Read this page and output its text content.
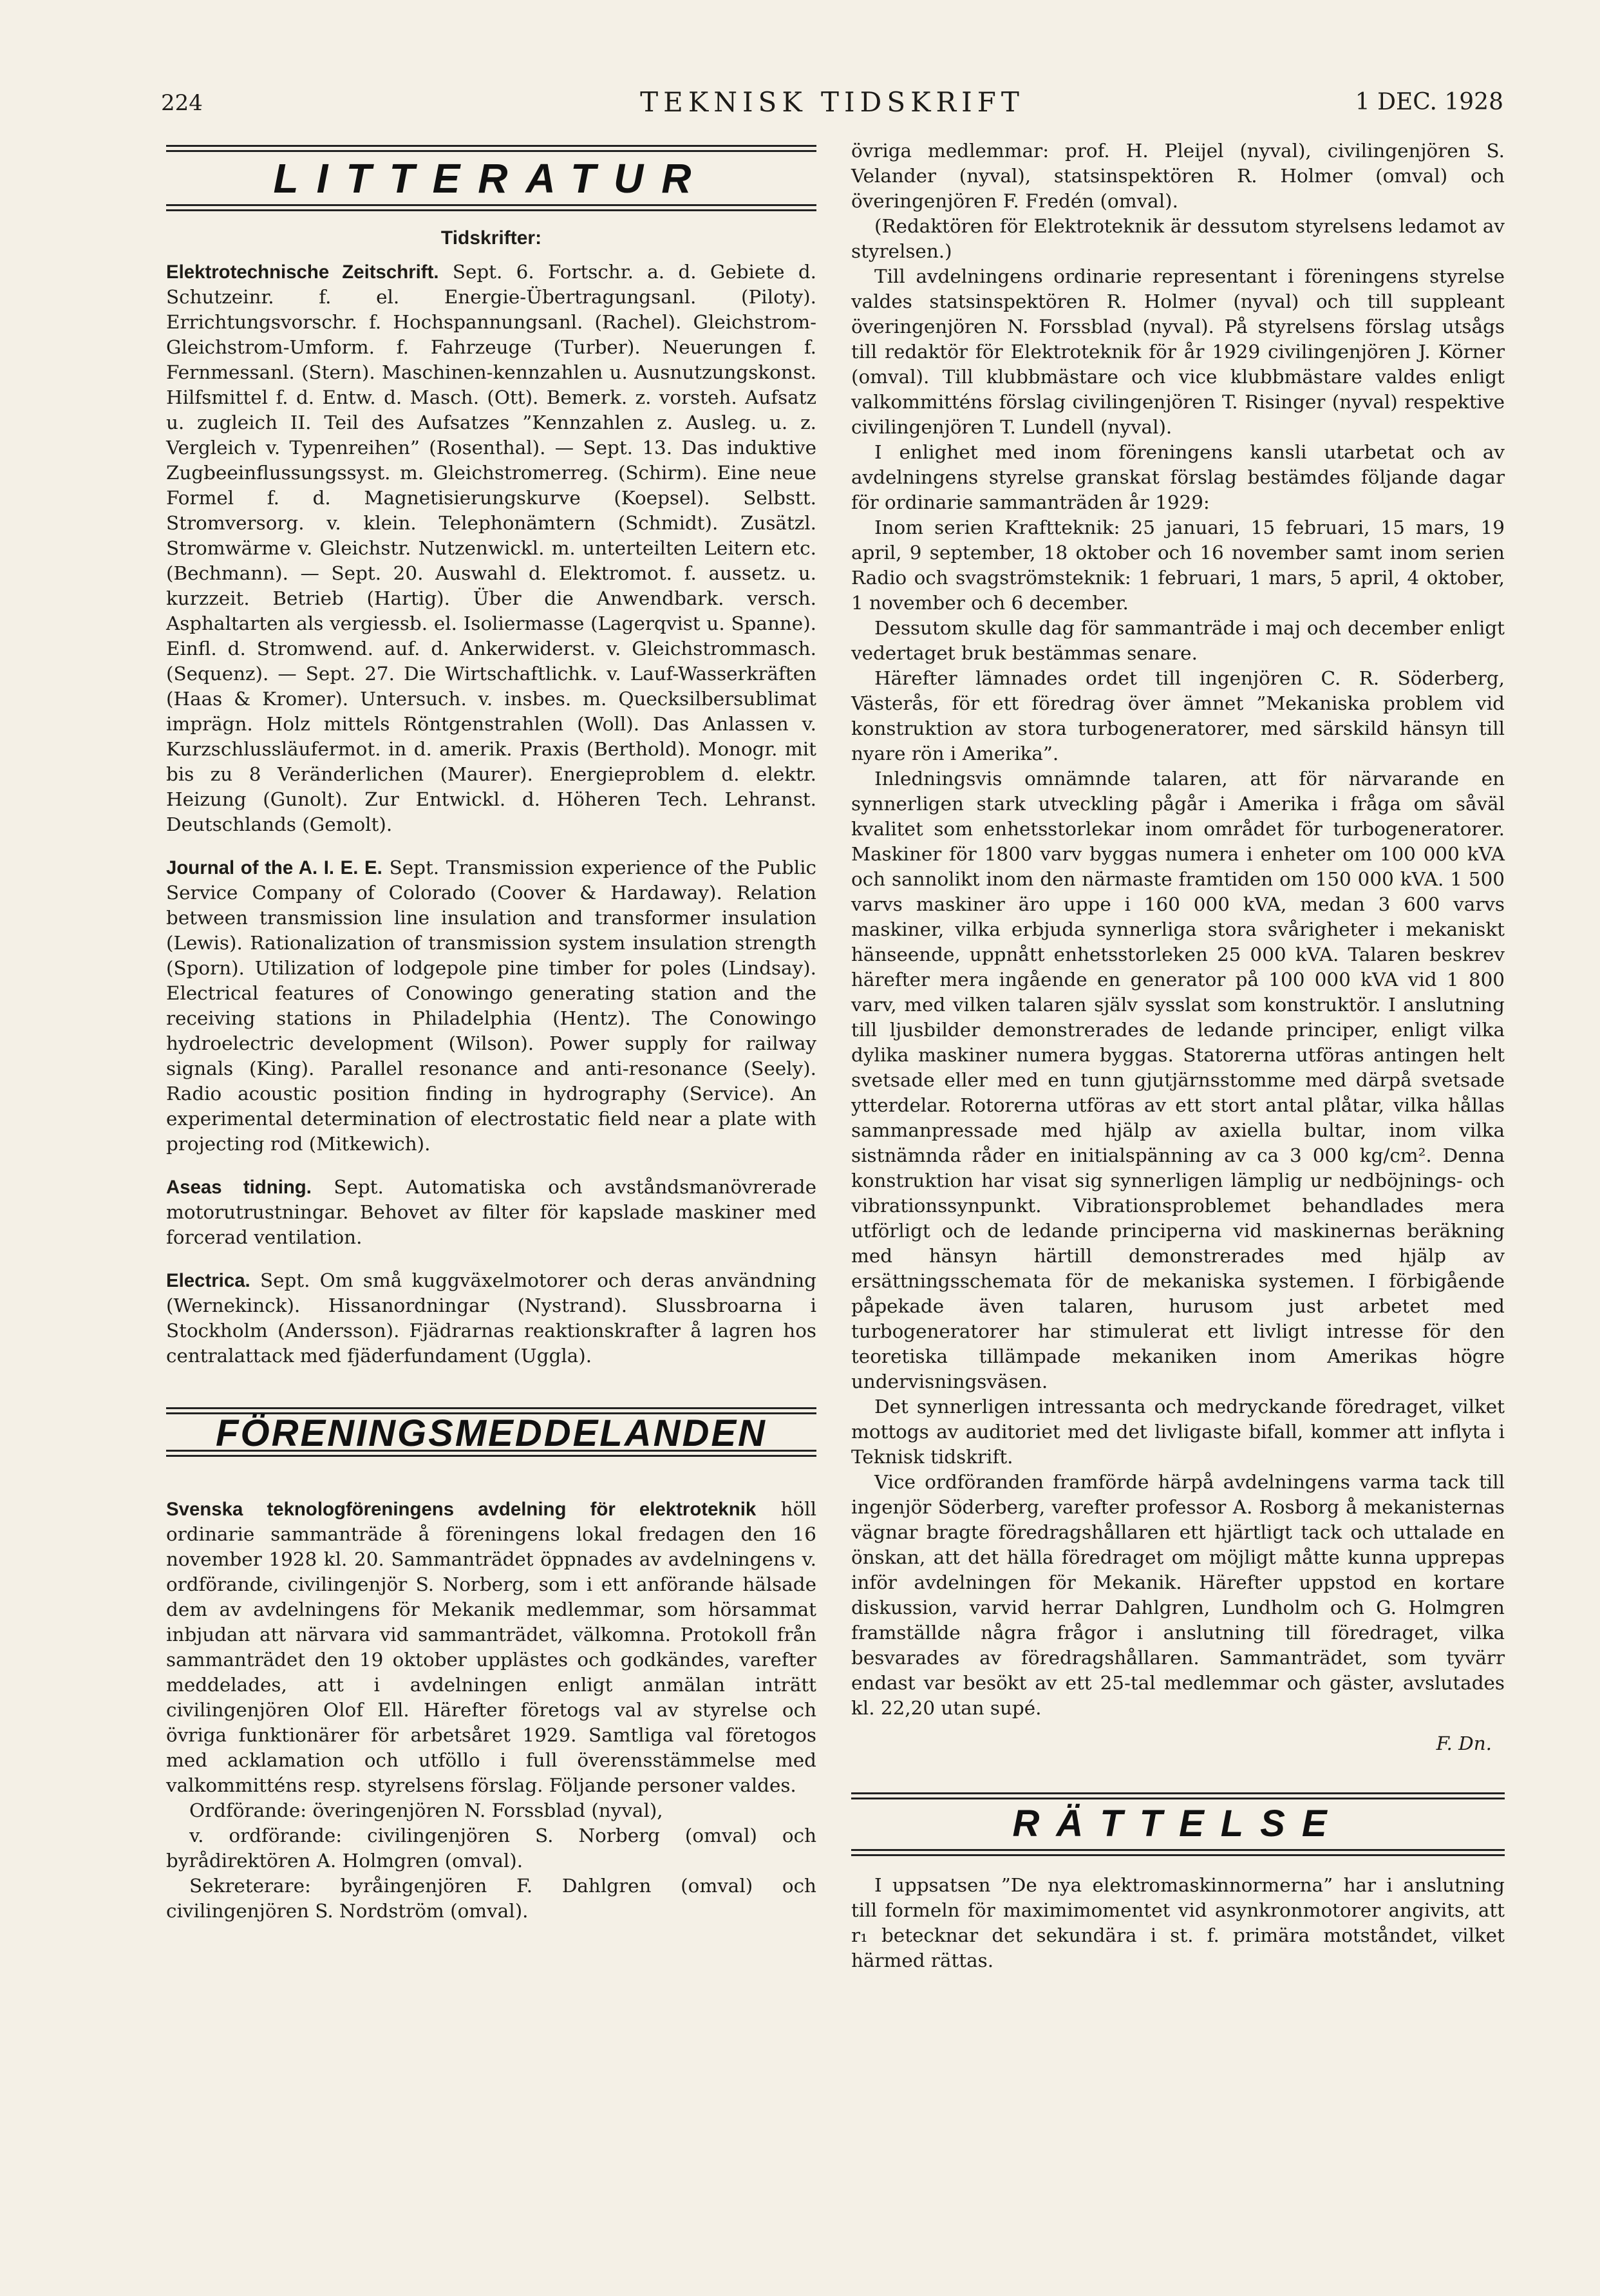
224	TEKNISK TIDSKRIFT	1 DEC. 1928
LITTERATUR
Tidskrifter:

Elektrotechnische Zeitschrift. Sept. 6. Fortschr. a. d. Gebiete d. Schutzeinr. f. el. Energie-Übertragungsanl. (Piloty). Errichtungsvorschr. f. Hochspannungsanl. (Rachel). Gleichstrom-Gleichstrom-Umform. f. Fahrzeuge (Turber). Neuerungen f. Fernmessanl. (Stern). Maschinen-kennzahlen u. Ausnutzungskonst. Hilfsmittel f. d. Entw. d. Masch. (Ott). Bemerk. z. vorsteh. Aufsatz u. zugleich II. Teil des Aufsatzes ”Kennzahlen z. Ausleg. u. z. Vergleich v. Typenreihen” (Rosenthal). — Sept. 13. Das induktive Zugbeeinflussungssyst. m. Gleichstromerreg. (Schirm). Eine neue Formel f. d. Magnetisierungskurve (Koepsel). Selbstt. Stromversorg. v. klein. Telephonämtern (Schmidt). Zusätzl. Stromwärme v. Gleichstr. Nutzenwickl. m. unterteilten Leitern etc. (Bechmann). — Sept. 20. Auswahl d. Elektromot. f. aussetz. u. kurzzeit. Betrieb (Hartig). Über die Anwendbark. versch. Asphaltarten als vergiessb. el. Isoliermasse (Lagerqvist u. Spanne). Einfl. d. Stromwend. auf. d. Ankerwiderst. v. Gleichstrommasch. (Sequenz). — Sept. 27. Die Wirtschaftlichk. v. Lauf-Wasserkräften (Haas & Kromer). Untersuch. v. insbes. m. Quecksilbersublimat imprägn. Holz mittels Röntgenstrahlen (Woll). Das Anlassen v. Kurzschlussläufermot. in d. amerik. Praxis (Berthold). Monogr. mit bis zu 8 Veränderlichen (Maurer). Energieproblem d. elektr. Heizung (Gunolt). Zur Entwickl. d. Höheren Tech. Lehranst. Deutschlands (Gemolt).

Journal of the A. I. E. E. Sept. Transmission experience of the Public Service Company of Colorado (Coover & Hardaway). Relation between transmission line insulation and transformer insulation (Lewis). Rationalization of transmission system insulation strength (Sporn). Utilization of lodgepole pine timber for poles (Lindsay). Electrical features of Conowingo generating station and the receiving stations in Philadelphia (Hentz). The Conowingo hydroelectric development (Wilson). Power supply for railway signals (King). Parallel resonance and anti-resonance (Seely). Radio acoustic position finding in hydrography (Service). An experimental determination of electrostatic field near a plate with projecting rod (Mitkewich).

Aseas tidning. Sept. Automatiska och avståndsmanövrerade motorutrustningar. Behovet av filter för kapslade maskiner med forcerad ventilation.

Electrica. Sept. Om små kuggväxelmotorer och deras användning (Wernekinck). Hissanordningar (Nystrand). Slussbroarna i Stockholm (Andersson). Fjädrarnas reaktionskrafter å lagren hos centralattack med fjäderfundament (Uggla).

FÖRENINGSMEDDELANDEN

Svenska teknologföreningens avdelning för elektroteknik höll ordinarie sammanträde å föreningens lokal fredagen den 16 november 1928 kl. 20. Sammanträdet öppnades av avdelningens v. ordförande, civilingenjör S. Norberg, som i ett anförande hälsade dem av avdelningens för Mekanik medlemmar, som hörsammat inbjudan att närvara vid sammanträdet, välkomna. Protokoll från sammanträdet den 19 oktober upplästes och godkändes, varefter meddelades, att i avdelningen enligt anmälan inträtt civilingenjören Olof Ell. Härefter företogs val av styrelse och övriga funktionärer för arbetsåret 1929. Samtliga val företogos med acklamation och utföllo i full överensstämmelse med valkommitténs resp. styrelsens förslag. Följande personer valdes.

Ordförande: överingenjören N. Forssblad (nyval),

v. ordförande: civilingenjören S. Norberg (omval) och byrådirektören A. Holmgren (omval).

Sekreterare: byråingenjören F. Dahlgren (omval) och civilingenjören S. Nordström (omval).

övriga medlemmar: prof. H. Pleijel (nyval), civilingenjören S. Velander (nyval), statsinspektören R. Holmer (omval) och överingenjören F. Fredén (omval).

(Redaktören för Elektroteknik är dessutom styrelsens ledamot av styrelsen.)

Till avdelningens ordinarie representant i föreningens styrelse valdes statsinspektören R. Holmer (nyval) och till suppleant överingenjören N. Forssblad (nyval). På styrelsens förslag utsågs till redaktör för Elektroteknik för år 1929 civilingenjören J. Körner (omval). Till klubbmästare och vice klubbmästare valdes enligt valkommitténs förslag civilingenjören T. Risinger (nyval) respektive civilingenjören T. Lundell (nyval).

I enlighet med inom föreningens kansli utarbetat och av avdelningens styrelse granskat förslag bestämdes följande dagar för ordinarie sammanträden år 1929:

Inom serien Kraftteknik: 25 januari, 15 februari, 15 mars, 19 april, 9 september, 18 oktober och 16 november samt inom serien Radio och svagströmsteknik: 1 februari, 1 mars, 5 april, 4 oktober, 1 november och 6 december.

Dessutom skulle dag för sammanträde i maj och december enligt vedertaget bruk bestämmas senare.

Härefter lämnades ordet till ingenjören C. R. Söderberg, Västerås, för ett föredrag över ämnet ”Mekaniska problem vid konstruktion av stora turbogeneratorer, med särskild hänsyn till nyare rön i Amerika”.

Inledningsvis omnämnde talaren, att för närvarande en synnerligen stark utveckling pågår i Amerika i fråga om såväl kvalitet som enhetsstorlekar inom området för turbogeneratorer. Maskiner för 1800 varv byggas numera i enheter om 100 000 kVA och sannolikt inom den närmaste framtiden om 150 000 kVA. 1 500 varvs maskiner äro uppe i 160 000 kVA, medan 3 600 varvs maskiner, vilka erbjuda synnerliga stora svårigheter i mekaniskt hänseende, uppnått enhetsstorleken 25 000 kVA. Talaren beskrev härefter mera ingående en generator på 100 000 kVA vid 1 800 varv, med vilken talaren själv sysslat som konstruktör. I anslutning till ljusbilder demonstrerades de ledande principer, enligt vilka dylika maskiner numera byggas. Statorerna utföras antingen helt svetsade eller med en tunn gjutjärnsstomme med därpå svetsade ytterdelar. Rotorerna utföras av ett stort antal plåtar, vilka hållas sammanpressade med hjälp av axiella bultar, inom vilka sistnämnda råder en initialspänning av ca 3 000 kg/cm². Denna konstruktion har visat sig synnerligen lämplig ur nedböjnings- och vibrationssynpunkt. Vibrationsproblemet behandlades mera utförligt och de ledande principerna vid maskinernas beräkning med hänsyn härtill demonstrerades med hjälp av ersättningsschemata för de mekaniska systemen. I förbigående påpekade även talaren, hurusom just arbetet med turbogeneratorer har stimulerat ett livligt intresse för den teoretiska tillämpade mekaniken inom Amerikas högre undervisningsväsen.

Det synnerligen intressanta och medryckande föredraget, vilket mottogs av auditoriet med det livligaste bifall, kommer att inflyta i Teknisk tidskrift.

Vice ordföranden framförde härpå avdelningens varma tack till ingenjör Söderberg, varefter professor A. Rosborg å mekanisternas vägnar bragte föredragshållaren ett hjärtligt tack och uttalade en önskan, att det hälla föredraget om möjligt måtte kunna upprepas inför avdelningen för Mekanik. Härefter uppstod en kortare diskussion, varvid herrar Dahlgren, Lundholm och G. Holmgren framställde några frågor i anslutning till föredraget, vilka besvarades av föredragshållaren. Sammanträdet, som tyvärr endast var besökt av ett 25-tal medlemmar och gäster, avslutades kl. 22,20 utan supé.

F. Dn.

RÄTTELSE

I uppsatsen ”De nya elektromaskinnormerna” har i anslutning till formeln för maximimomentet vid asynkronmotorer angivits, att r₁ betecknar det sekundära i st. f. primära motståndet, vilket härmed rättas.
